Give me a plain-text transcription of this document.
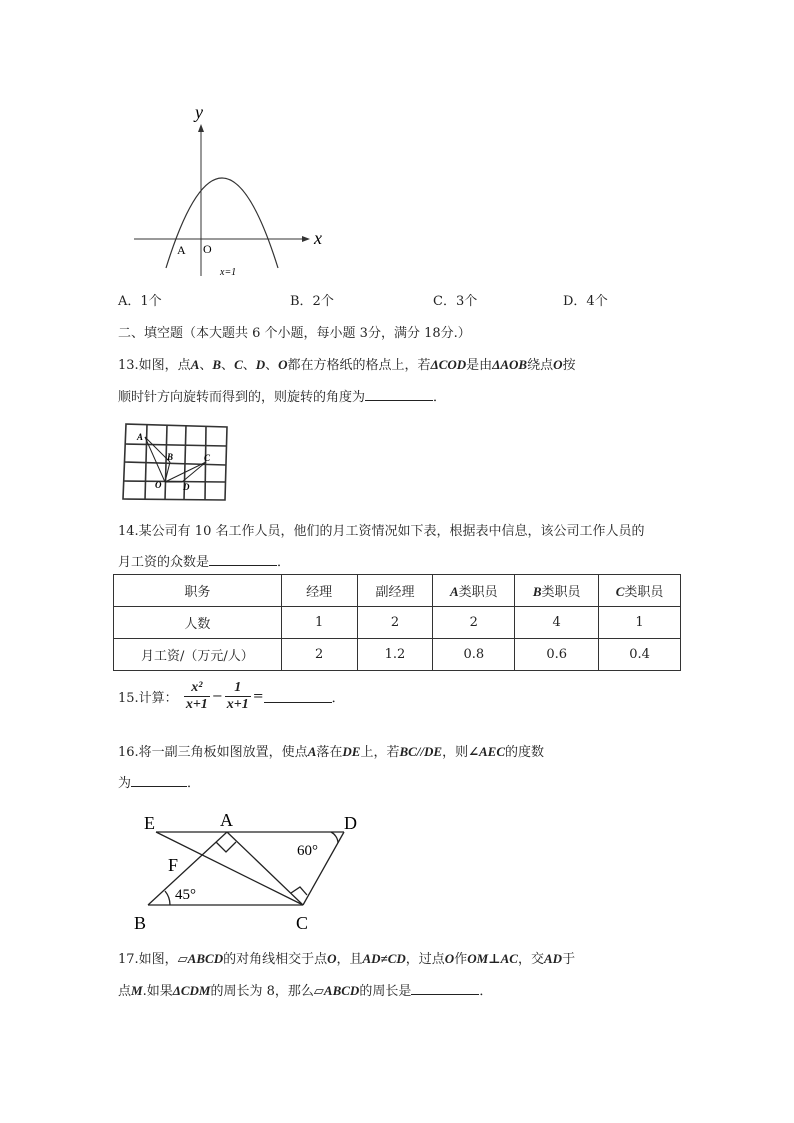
y
x
A O
x=1
A．1个	B．2个	C．3个	D．4个
二、填空题（本大题共 6 个小题，每小题 3分，满分 18分.）
13.如图，点A、B、C、D、O都在方格纸的格点上，若ΔCOD是由ΔAOB绕点O按
顺时针方向旋转而得到的，则旋转的角度为	．
A
B	C
O D
14.某公司有 10 名工作人员，他们的月工资情况如下表，根据表中信息，该公司工作人员的
月工资的众数是	．
职务	经理	副经理	A类职员	B类职员	C类职员
人数	1	2	2	4	1
月工资/（万元/人）	2	1.2	0.8	0.6	0.4
15.计算： $\frac{\text{x²}}{x+1} - \frac{1}{x+1}$ =	．
16.将一副三角板如图放置，使点A落在DE上，若BC//DE，则∠AEC的度数
为	．
E	A	D
F
B	C
60°
45°
17.如图，▱ABCD的对角线相交于点O，且AD≠CD，过点O作OM⊥AC，交AD于
点M.如果ΔCDM的周长为 8，那么▱ABCD的周长是	．
